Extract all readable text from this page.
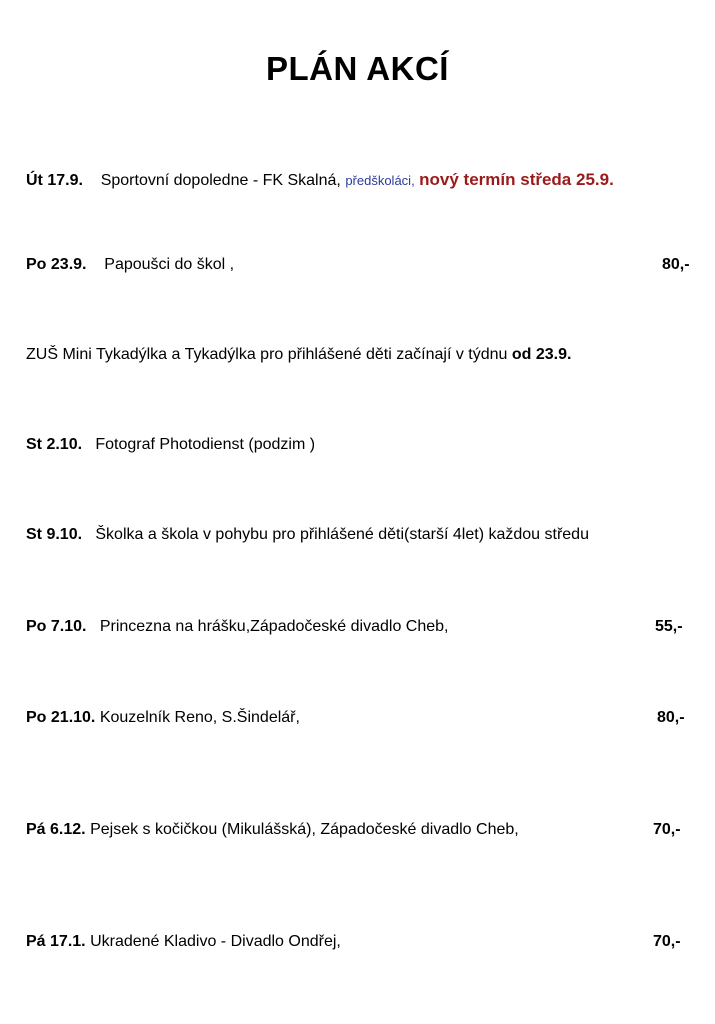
PLÁN AKCÍ
Út 17.9. Sportovní dopoledne - FK Skalná, předškoláci, nový termín středa 25.9.
Po 23.9. Papoušci do škol ,	80,-
ZUŠ Mini Tykadýlka a Tykadýlka pro přihlášené děti začínají v týdnu od 23.9.
St 2.10. Fotograf Photodienst (podzim )
St 9.10. Školka a škola v pohybu pro přihlášené děti(starší 4let) každou středu
Po 7.10. Princezna na hrášku,Západočeské divadlo Cheb,	55,-
Po 21.10. Kouzelník Reno, S.Šindelář,	80,-
Pá 6.12. Pejsek s kočičkou (Mikulášská), Západočeské divadlo Cheb,	70,-
Pá 17.1. Ukradené Kladivo - Divadlo Ondřej,	70,-
